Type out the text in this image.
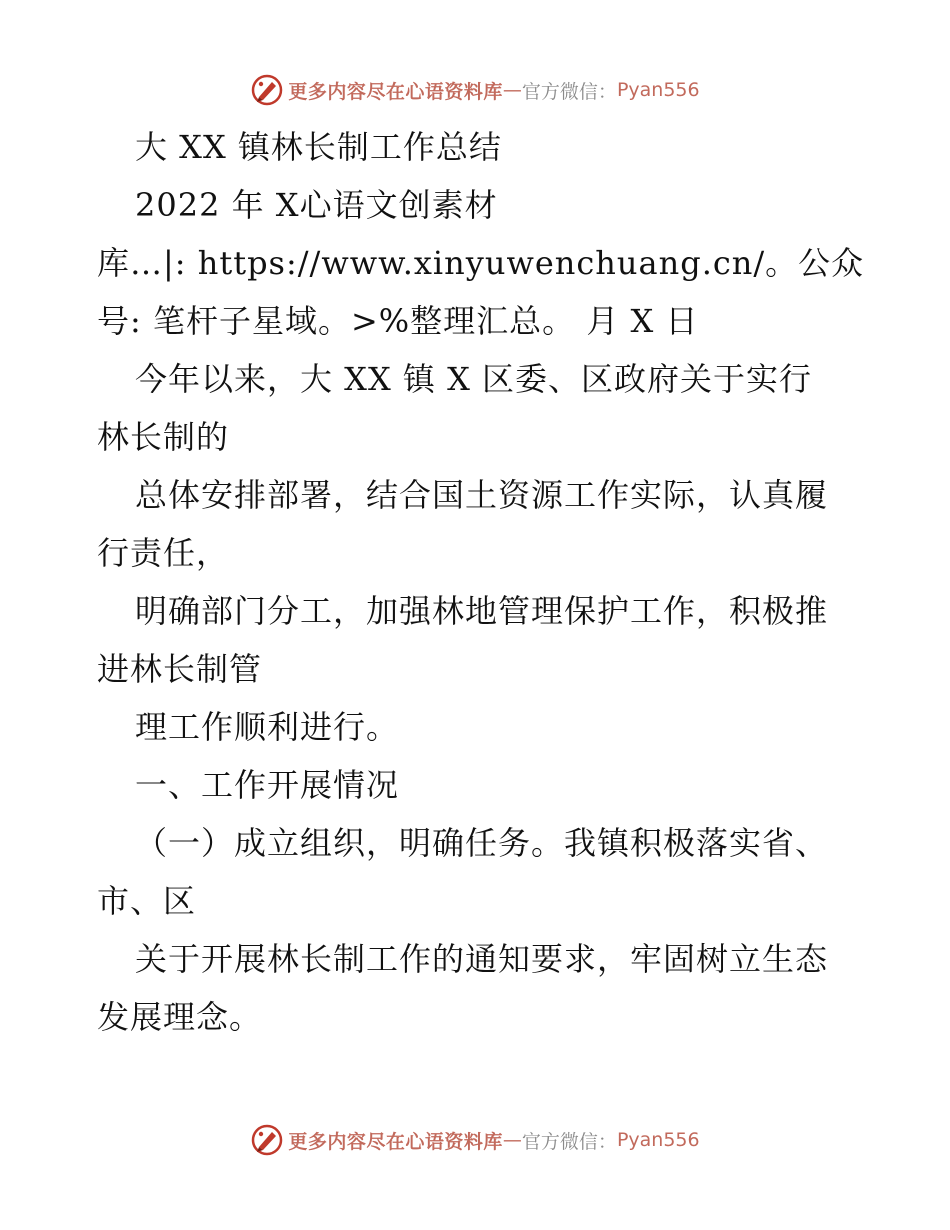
更多内容尽在心语资料库 — 官方微信： Pyan556
大 XX 镇林长制工作总结
2022 年 X心语文创素材
库…|: https://www.xinyuwenchuang.cn/。公众
号: 笔杆子星域。>%整理汇总。 月 X 日
今年以来，大 XX 镇 X 区委、区政府关于实行
林长制的
总体安排部署，结合国土资源工作实际，认真履
行责任，
明确部门分工，加强林地管理保护工作，积极推
进林长制管
理工作顺利进行。
一、工作开展情况
（一）成立组织，明确任务。我镇积极落实省、
市、区
关于开展林长制工作的通知要求，牢固树立生态
发展理念。
更多内容尽在心语资料库 — 官方微信： Pyan556
